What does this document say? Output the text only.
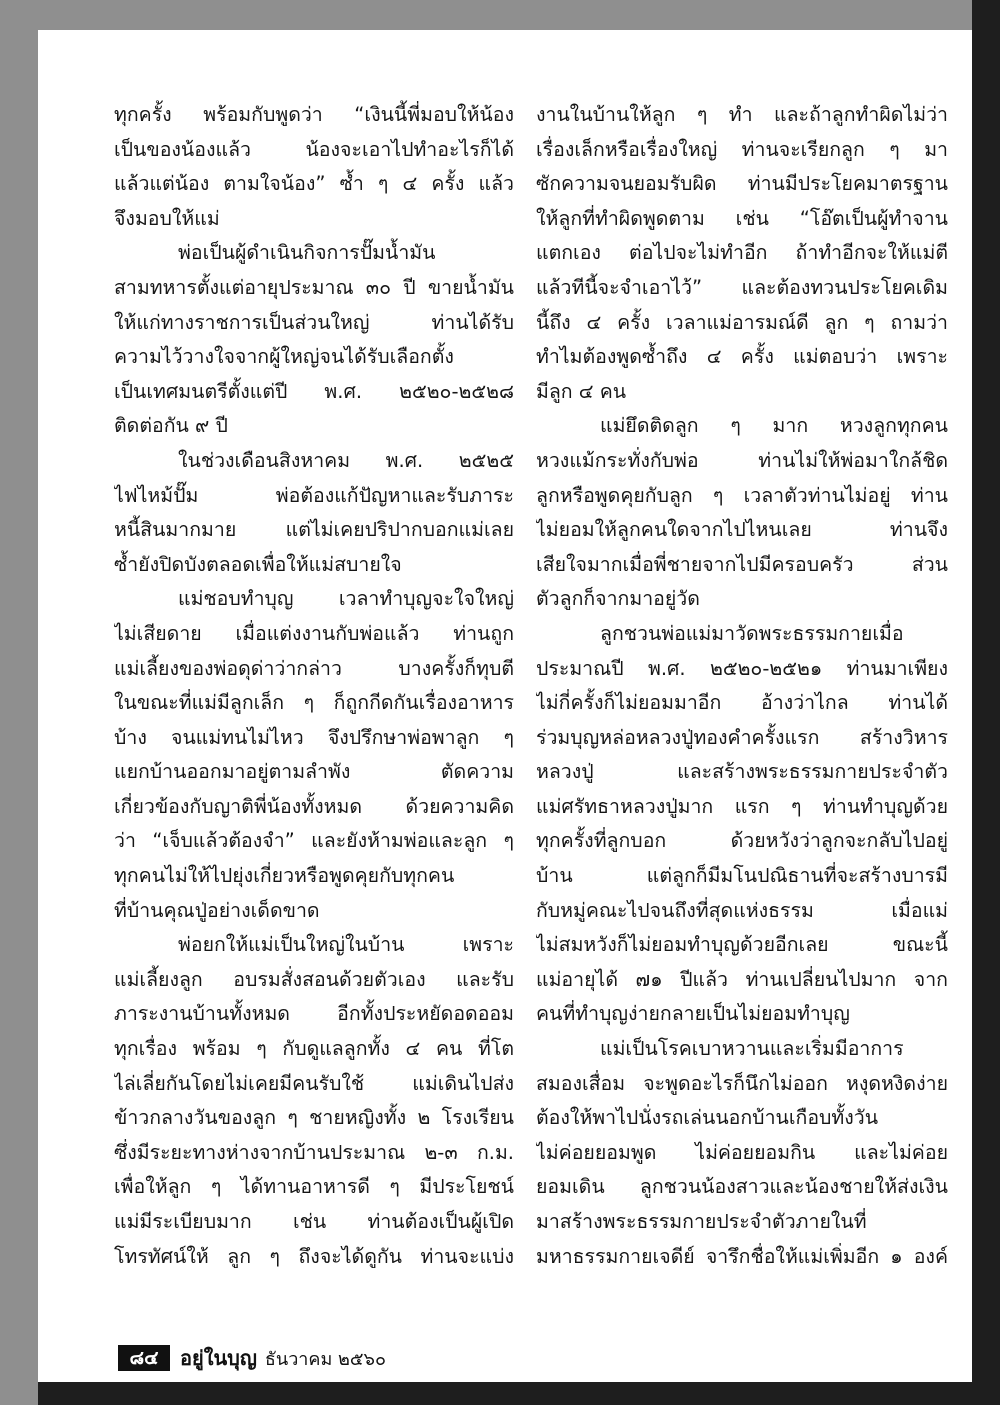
ทุกครั้ง พร้อมกับพูดว่า “เงินนี้พี่มอบให้น้อง
เป็นของน้องแล้ว น้องจะเอาไปทำอะไรก็ได้
แล้วแต่น้อง ตามใจน้อง” ซ้ำ ๆ ๔ ครั้ง แล้ว
จึงมอบให้แม่
พ่อเป็นผู้ดำเนินกิจการปั๊มน้ำมัน
สามทหารตั้งแต่อายุประมาณ ๓๐ ปี ขายน้ำมัน
ให้แก่ทางราชการเป็นส่วนใหญ่ ท่านได้รับ
ความไว้วางใจจากผู้ใหญ่จนได้รับเลือกตั้ง
เป็นเทศมนตรีตั้งแต่ปี พ.ศ. ๒๕๒๐-๒๕๒๘
ติดต่อกัน ๙ ปี
ในช่วงเดือนสิงหาคม พ.ศ. ๒๕๒๕
ไฟไหม้ปั๊ม พ่อต้องแก้ปัญหาและรับภาระ
หนี้สินมากมาย แต่ไม่เคยปริปากบอกแม่เลย
ซ้ำยังปิดบังตลอดเพื่อให้แม่สบายใจ
แม่ชอบทำบุญ เวลาทำบุญจะใจใหญ่
ไม่เสียดาย เมื่อแต่งงานกับพ่อแล้ว ท่านถูก
แม่เลี้ยงของพ่อดุด่าว่ากล่าว บางครั้งก็ทุบตี
ในขณะที่แม่มีลูกเล็ก ๆ ก็ถูกกีดกันเรื่องอาหาร
บ้าง จนแม่ทนไม่ไหว จึงปรึกษาพ่อพาลูก ๆ
แยกบ้านออกมาอยู่ตามลำพัง ตัดความ
เกี่ยวข้องกับญาติพี่น้องทั้งหมด ด้วยความคิด
ว่า “เจ็บแล้วต้องจำ” และยังห้ามพ่อและลูก ๆ
ทุกคนไม่ให้ไปยุ่งเกี่ยวหรือพูดคุยกับทุกคน
ที่บ้านคุณปู่อย่างเด็ดขาด
พ่อยกให้แม่เป็นใหญ่ในบ้าน เพราะ
แม่เลี้ยงลูก อบรมสั่งสอนด้วยตัวเอง และรับ
ภาระงานบ้านทั้งหมด อีกทั้งประหยัดอดออม
ทุกเรื่อง พร้อม ๆ กับดูแลลูกทั้ง ๔ คน ที่โต
ไล่เลี่ยกันโดยไม่เคยมีคนรับใช้ แม่เดินไปส่ง
ข้าวกลางวันของลูก ๆ ชายหญิงทั้ง ๒ โรงเรียน
ซึ่งมีระยะทางห่างจากบ้านประมาณ ๒-๓ ก.ม.
เพื่อให้ลูก ๆ ได้ทานอาหารดี ๆ มีประโยชน์
แม่มีระเบียบมาก เช่น ท่านต้องเป็นผู้เปิด
โทรทัศน์ให้ ลูก ๆ ถึงจะได้ดูกัน ท่านจะแบ่ง
งานในบ้านให้ลูก ๆ ทำ และถ้าลูกทำผิดไม่ว่า
เรื่องเล็กหรือเรื่องใหญ่ ท่านจะเรียกลูก ๆ มา
ซักความจนยอมรับผิด ท่านมีประโยคมาตรฐาน
ให้ลูกที่ทำผิดพูดตาม เช่น “โอ๊ตเป็นผู้ทำจาน
แตกเอง ต่อไปจะไม่ทำอีก ถ้าทำอีกจะให้แม่ตี
แล้วทีนี้จะจำเอาไว้” และต้องทวนประโยคเดิม
นี้ถึง ๔ ครั้ง เวลาแม่อารมณ์ดี ลูก ๆ ถามว่า
ทำไมต้องพูดซ้ำถึง ๔ ครั้ง แม่ตอบว่า เพราะ
มีลูก ๔ คน
แม่ยึดติดลูก ๆ มาก หวงลูกทุกคน
หวงแม้กระทั่งกับพ่อ ท่านไม่ให้พ่อมาใกล้ชิด
ลูกหรือพูดคุยกับลูก ๆ เวลาตัวท่านไม่อยู่ ท่าน
ไม่ยอมให้ลูกคนใดจากไปไหนเลย ท่านจึง
เสียใจมากเมื่อพี่ชายจากไปมีครอบครัว ส่วน
ตัวลูกก็จากมาอยู่วัด
ลูกชวนพ่อแม่มาวัดพระธรรมกายเมื่อ
ประมาณปี พ.ศ. ๒๕๒๐-๒๕๒๑ ท่านมาเพียง
ไม่กี่ครั้งก็ไม่ยอมมาอีก อ้างว่าไกล ท่านได้
ร่วมบุญหล่อหลวงปู่ทองคำครั้งแรก สร้างวิหาร
หลวงปู่ และสร้างพระธรรมกายประจำตัว
แม่ศรัทธาหลวงปู่มาก แรก ๆ ท่านทำบุญด้วย
ทุกครั้งที่ลูกบอก ด้วยหวังว่าลูกจะกลับไปอยู่
บ้าน แต่ลูกก็มีมโนปณิธานที่จะสร้างบารมี
กับหมู่คณะไปจนถึงที่สุดแห่งธรรม เมื่อแม่
ไม่สมหวังก็ไม่ยอมทำบุญด้วยอีกเลย ขณะนี้
แม่อายุได้ ๗๑ ปีแล้ว ท่านเปลี่ยนไปมาก จาก
คนที่ทำบุญง่ายกลายเป็นไม่ยอมทำบุญ
แม่เป็นโรคเบาหวานและเริ่มมีอาการ
สมองเสื่อม จะพูดอะไรก็นึกไม่ออก หงุดหงิดง่าย
ต้องให้พาไปนั่งรถเล่นนอกบ้านเกือบทั้งวัน
ไม่ค่อยยอมพูด ไม่ค่อยยอมกิน และไม่ค่อย
ยอมเดิน ลูกชวนน้องสาวและน้องชายให้ส่งเงิน
มาสร้างพระธรรมกายประจำตัวภายในที่
มหาธรรมกายเจดีย์ จารึกชื่อให้แม่เพิ่มอีก ๑ องค์
๘๔	อยู่ในบุญ ธันวาคม ๒๕๖๐
